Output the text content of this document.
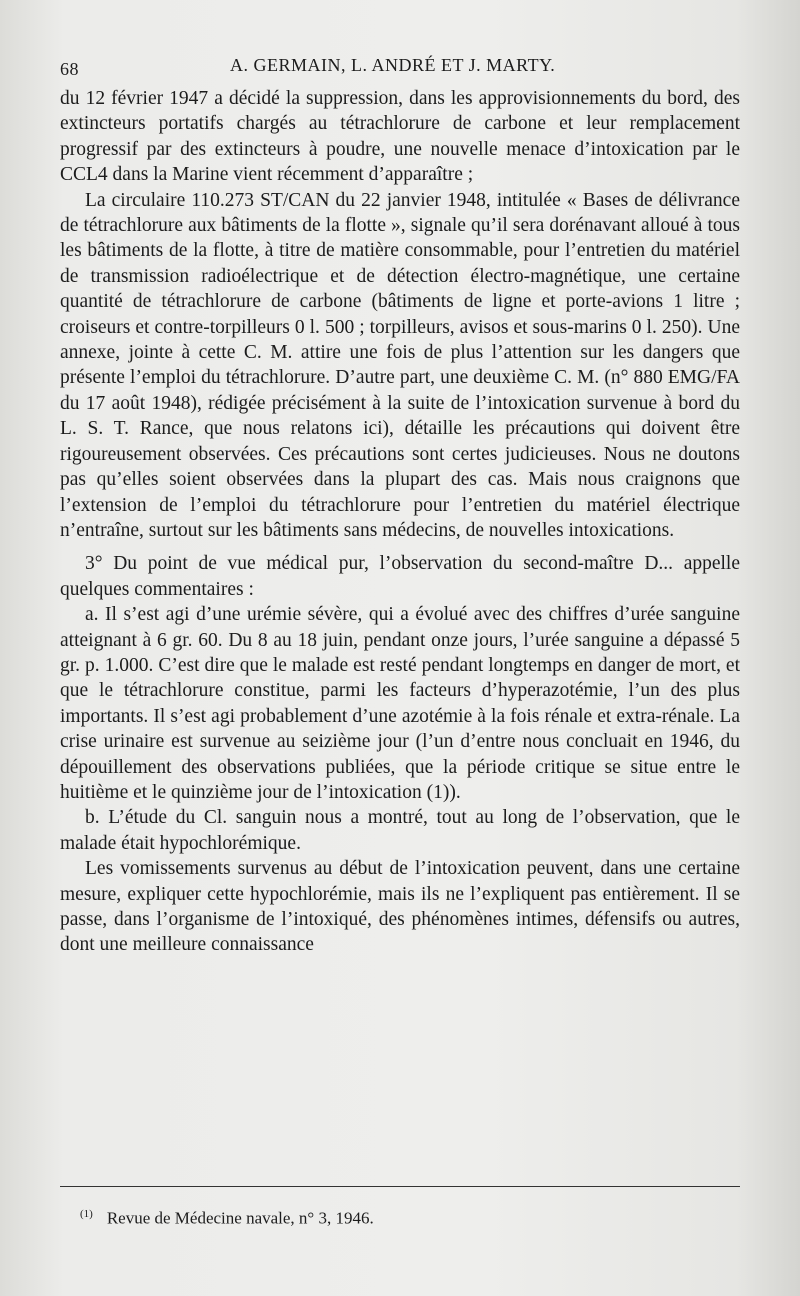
68	A. GERMAIN, L. ANDRÉ ET J. MARTY.

du 12 février 1947 a décidé la suppression, dans les approvisionnements du bord, des extincteurs portatifs chargés au tétrachlorure de carbone et leur remplacement progressif par des extincteurs à poudre, une nouvelle menace d’intoxication par le CCL4 dans la Marine vient récemment d’apparaître ;

La circulaire 110.273 ST/CAN du 22 janvier 1948, intitulée « Bases de délivrance de tétrachlorure aux bâtiments de la flotte », signale qu’il sera dorénavant alloué à tous les bâtiments de la flotte, à titre de matière consommable, pour l’entretien du matériel de transmission radioélectrique et de détection électro-magnétique, une certaine quantité de tétrachlorure de carbone (bâtiments de ligne et porte-avions 1 litre ; croiseurs et contre-torpilleurs 0 l. 500 ; torpilleurs, avisos et sous-marins 0 l. 250). Une annexe, jointe à cette C. M. attire une fois de plus l’attention sur les dangers que présente l’emploi du tétrachlorure. D’autre part, une deuxième C. M. (n° 880 EMG/FA du 17 août 1948), rédigée précisément à la suite de l’intoxication survenue à bord du L. S. T. Rance, que nous relatons ici), détaille les précautions qui doivent être rigoureusement observées. Ces précautions sont certes judicieuses. Nous ne doutons pas qu’elles soient observées dans la plupart des cas. Mais nous craignons que l’extension de l’emploi du tétrachlorure pour l’entretien du matériel électrique n’entraîne, surtout sur les bâtiments sans médecins, de nouvelles intoxications.

3° Du point de vue médical pur, l’observation du second-maître D... appelle quelques commentaires :

a. Il s’est agi d’une urémie sévère, qui a évolué avec des chiffres d’urée sanguine atteignant à 6 gr. 60. Du 8 au 18 juin, pendant onze jours, l’urée sanguine a dépassé 5 gr. p. 1.000. C’est dire que le malade est resté pendant longtemps en danger de mort, et que le tétrachlorure constitue, parmi les facteurs d’hyperazotémie, l’un des plus importants. Il s’est agi probablement d’une azotémie à la fois rénale et extra-rénale. La crise urinaire est survenue au seizième jour (l’un d’entre nous concluait en 1946, du dépouillement des observations publiées, que la période critique se situe entre le huitième et le quinzième jour de l’intoxication (1)).

b. L’étude du Cl. sanguin nous a montré, tout au long de l’observation, que le malade était hypochlorémique.

Les vomissements survenus au début de l’intoxication peuvent, dans une certaine mesure, expliquer cette hypochlorémie, mais ils ne l’expliquent pas entièrement. Il se passe, dans l’organisme de l’intoxiqué, des phénomènes intimes, défensifs ou autres, dont une meilleure connaissance

$^{(1)}$ Revue de Médecine navale, n° 3, 1946.
